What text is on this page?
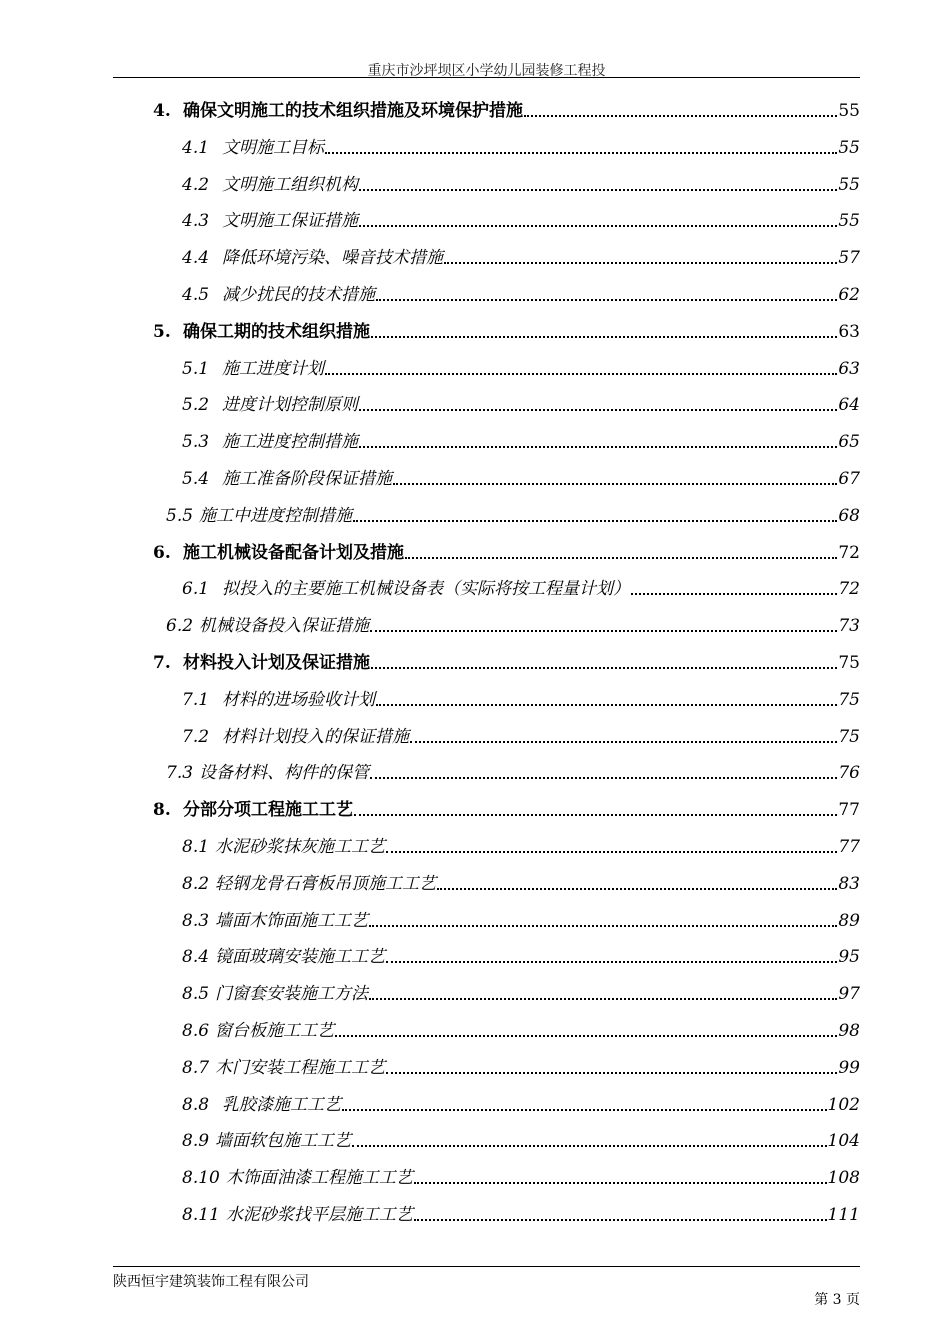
重庆市沙坪坝区小学幼儿园装修工程投
4. 确保文明施工的技术组织措施及环境保护措施	55
4.1 文明施工目标	55
4.2 文明施工组织机构	55
4.3 文明施工保证措施	55
4.4 降低环境污染、噪音技术措施	57
4.5 减少扰民的技术措施	62
5. 确保工期的技术组织措施	63
5.1 施工进度计划	63
5.2 进度计划控制原则	64
5.3 施工进度控制措施	65
5.4 施工准备阶段保证措施	67
5.5 施工中进度控制措施	68
6. 施工机械设备配备计划及措施	72
6.1 拟投入的主要施工机械设备表（实际将按工程量计划）	72
6.2 机械设备投入保证措施	73
7. 材料投入计划及保证措施	75
7.1 材料的进场验收计划	75
7.2 材料计划投入的保证措施	75
7.3 设备材料、构件的保管	76
8. 分部分项工程施工工艺	77
8.1 水泥砂浆抹灰施工工艺	77
8.2 轻钢龙骨石膏板吊顶施工工艺	83
8.3 墙面木饰面施工工艺	89
8.4 镜面玻璃安装施工工艺	95
8.5 门窗套安装施工方法	97
8.6 窗台板施工工艺	98
8.7 木门安装工程施工工艺	99
8.8 乳胶漆施工工艺	102
8.9 墙面软包施工工艺	104
8.10 木饰面油漆工程施工工艺	108
8.11 水泥砂浆找平层施工工艺	111
陕西恒宇建筑装饰工程有限公司
第 3 页
